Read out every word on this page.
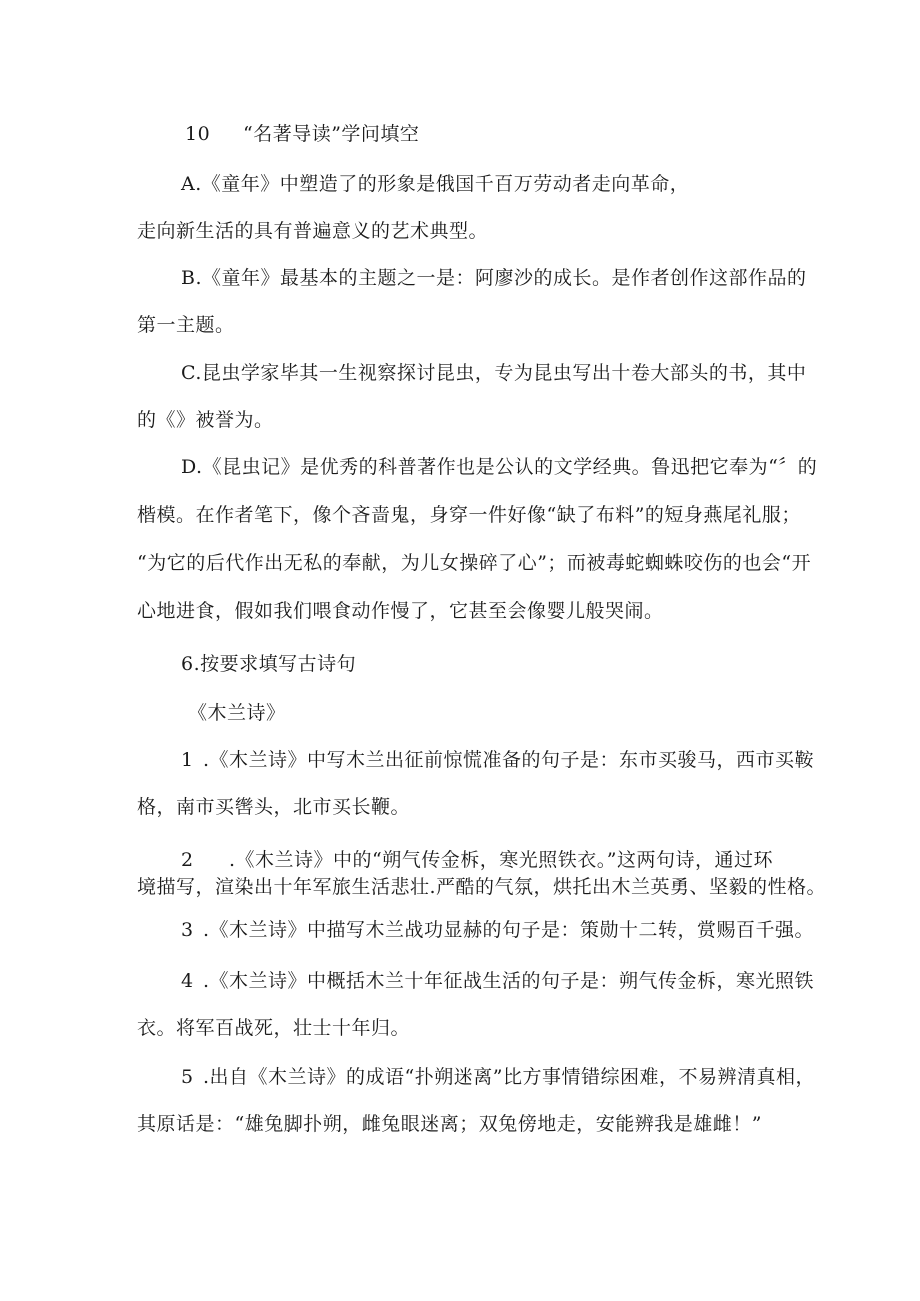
10 “名著导读”学问填空
A.《童年》中塑造了的形象是俄国千百万劳动者走向革命，
走向新生活的具有普遍意义的艺术典型。
B.《童年》最基本的主题之一是：阿廖沙的成长。是作者创作这部作品的
第一主题。
C.昆虫学家毕其一生视察探讨昆虫，专为昆虫写出十卷大部头的书，其中
的《》被誉为。
D.《昆虫记》是优秀的科普著作也是公认的文学经典。鲁迅把它奉为“〞的
楷模。在作者笔下，像个吝啬鬼，身穿一件好像“缺了布料”的短身燕尾礼服；
“为它的后代作出无私的奉献，为儿女操碎了心”；而被毒蛇蜘蛛咬伤的也会“开
心地进食，假如我们喂食动作慢了，它甚至会像婴儿般哭闹。
6.按要求填写古诗句
《木兰诗》
1 .《木兰诗》中写木兰出征前惊慌准备的句子是：东市买骏马，西市买鞍
格，南市买辔头，北市买长鞭。
2 .《木兰诗》中的“朔气传金柝，寒光照铁衣。”这两句诗，通过环
境描写，渲染出十年军旅生活悲壮.严酷的气氛，烘托出木兰英勇、坚毅的性格。
3 .《木兰诗》中描写木兰战功显赫的句子是：策勋十二转，赏赐百千强。
4 .《木兰诗》中概括木兰十年征战生活的句子是：朔气传金柝，寒光照铁
衣。将军百战死，壮士十年归。
5 .出自《木兰诗》的成语“扑朔迷离”比方事情错综困难，不易辨清真相，
其原话是：“雄兔脚扑朔，雌兔眼迷离；双兔傍地走，安能辨我是雄雌！”
